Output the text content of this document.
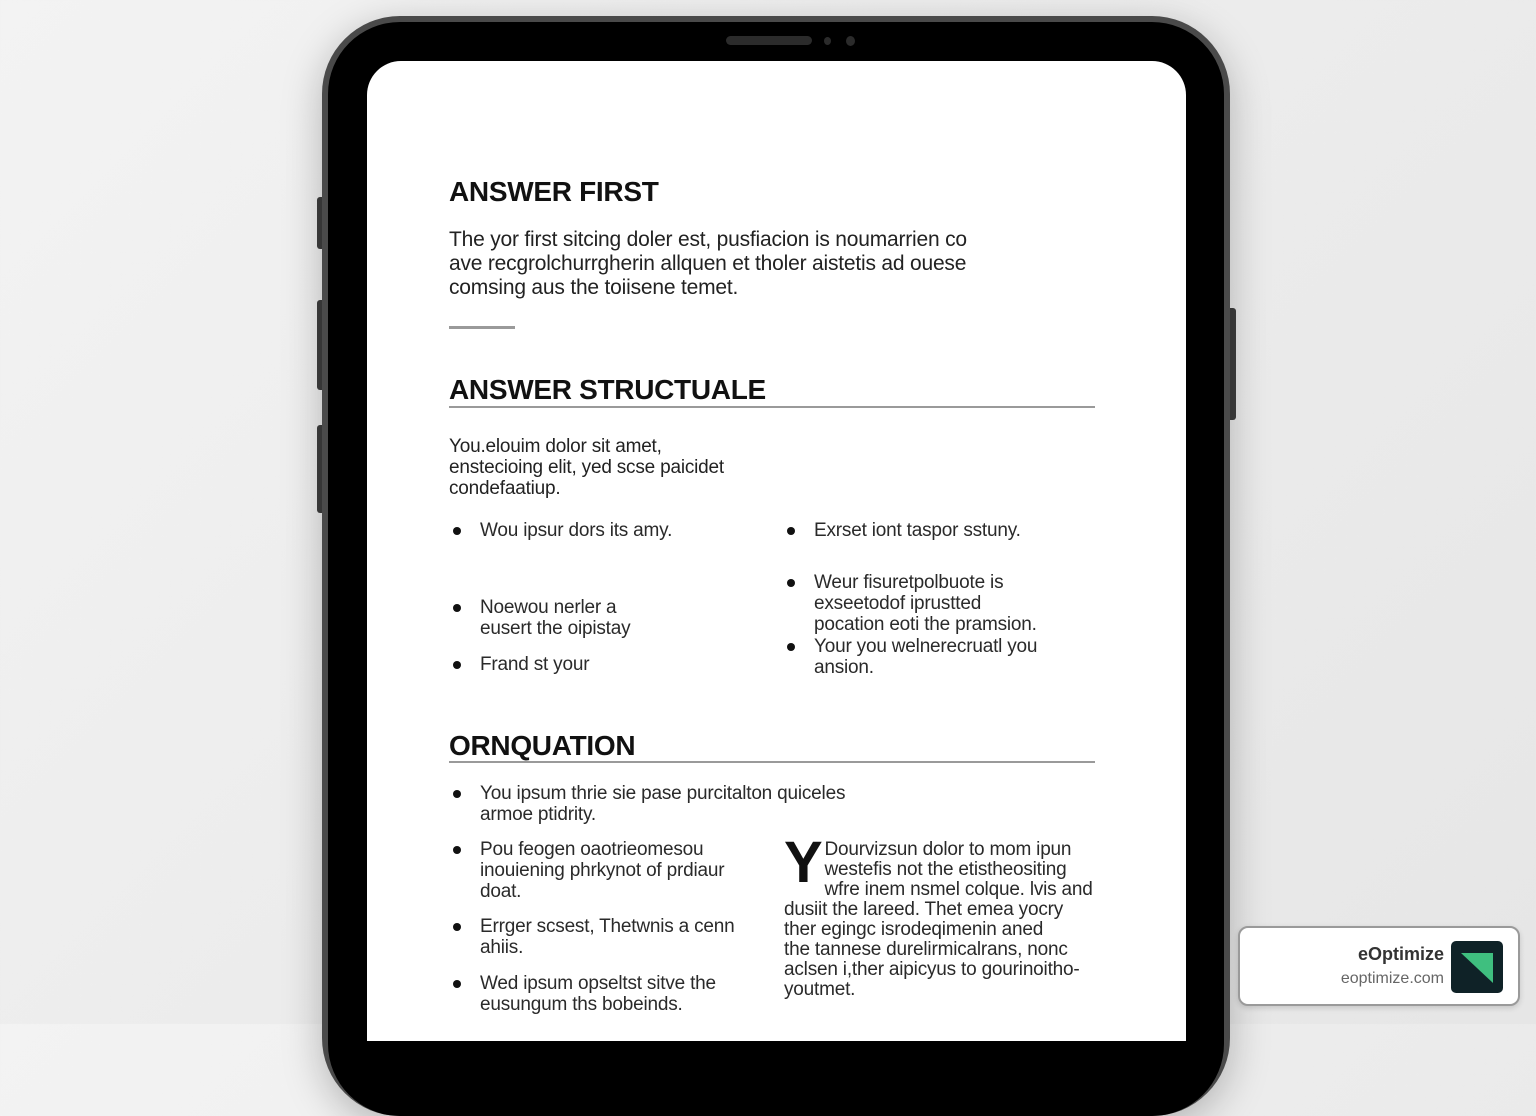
ANSWER FIRST
The yor first sitcing doler est, pusfiacion is noumarrien co
ave recgrolchurrgherin allquen et tholer aistetis ad ouese
comsing aus the toiisene temet.
ANSWER STRUCTUALE
You.elouim dolor sit amet,
enstecioing elit, yed scse paicidet
condefaatiup.
Wou ipsur dors its amy.
Noewou nerler a
eusert the oipistay
Frand st your
Exrset iont taspor sstuny.
Weur fisuretpolbuote is
exseetodof iprustted
pocation eoti the pramsion.
Your you welnerecruatl you
ansion.
ORNQUATION
You ipsum thrie sie pase purcitalton quiceles
armoe ptidrity.
Pou feogen oaotrieomesou
inouiening phrkynot of prdiaur
doat.
Errger scsest, Thetwnis a cenn
ahiis.
Wed ipsum opseltst sitve the
eusungum ths bobeinds.
Y Dourvizsun dolor to mom ipun
westefis not the etistheositing
wfre inem nsmel colque. lvis and
dusiit the lareed. Thet emea yocry
ther egingc isrodeqimenin aned
the tannese durelirmicalrans, nonc
aclsen i,ther aipicyus to gourinoitho-
youtmet.
eOptimize
eoptimize.com
